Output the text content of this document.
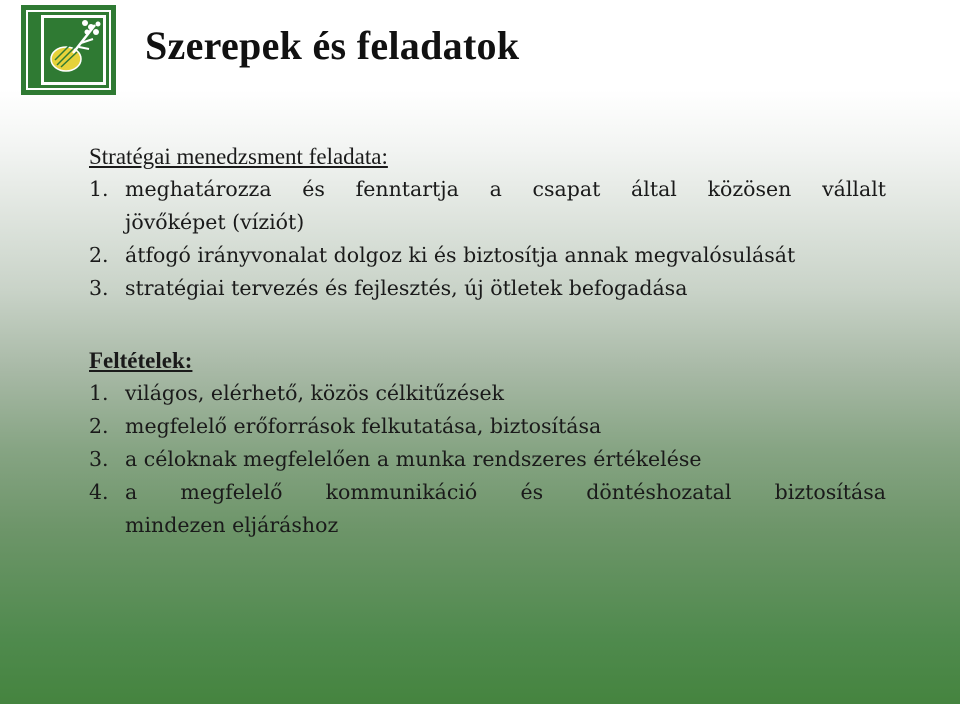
Szerepek és feladatok
Stratégai menedzsment feladata:
1. meghatározza és fenntartja a csapat által közösen vállalt
jövőképet (víziót)
2. átfogó irányvonalat dolgoz ki és biztosítja annak megvalósulását
3. stratégiai tervezés és fejlesztés, új ötletek befogadása
Feltételek:
1. világos, elérhető, közös célkitűzések
2. megfelelő erőforrások felkutatása, biztosítása
3. a céloknak megfelelően a munka rendszeres értékelése
4. a megfelelő kommunikáció és döntéshozatal biztosítása
mindezen eljáráshoz
